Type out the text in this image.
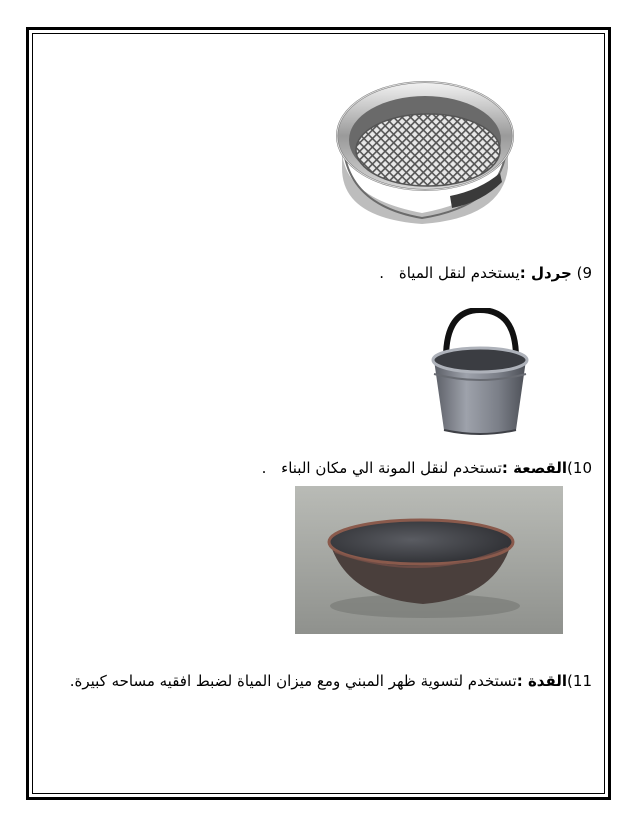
9) جردل :يستخدم لنقل المياة .
10)القصعة :تستخدم لنقل المونة الي مكان البناء .
11)القدة :تستخدم لتسوية ظهر المبني ومع ميزان المياة لضبط افقيه مساحه كبيرة.
